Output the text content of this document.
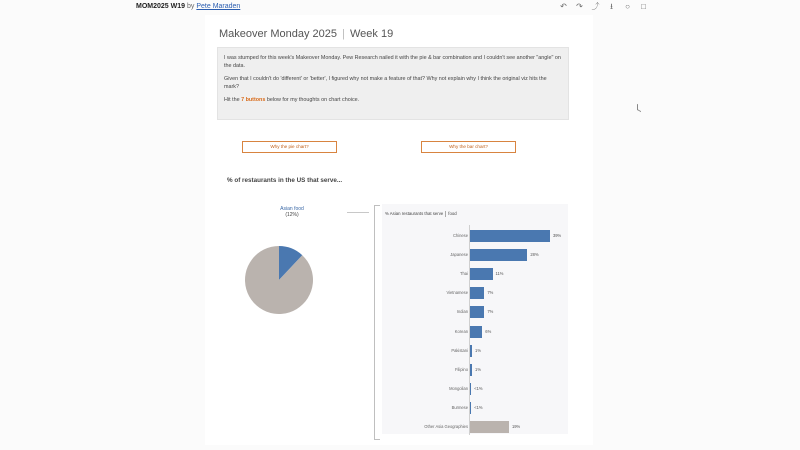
MOM2025 W19 by Pete Maraden	↶ ↷ ⤴	⭳	○ □
Makeover Monday 2025 | Week 19

I was stumped for this week's Makeover Monday. Pew Research nailed it with the pie & bar combination and I couldn't see another "angle" on the data.

Given that I couldn't do 'different' or 'better', I figured why not make a feature of that? Why not explain why I think the original viz hits the mark?

Hit the 7 buttons below for my thoughts on chart choice.

Why the pie chart?	Why the bar chart?
% of restaurants in the US that serve...
Asian food
(12%)	% Asian restaurants that serve food
Chinese	39%
Japanese	28%
Thai	11%
Vietnamese	7%
Indian	7%
Korean	6%
Pakistani 1%
Filipino 1%
Mongolian <1%
Burmese <1%
Other Asia Geographies	19%
